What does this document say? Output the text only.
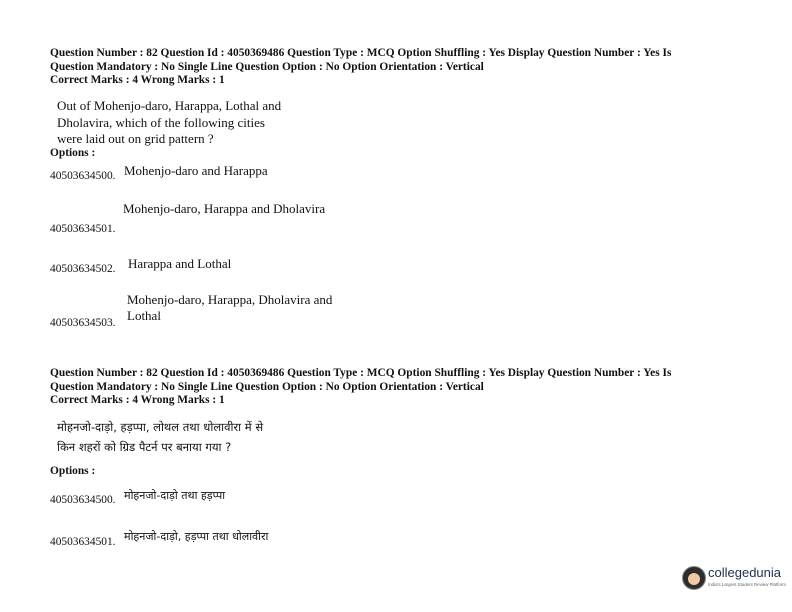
Question Number : 82 Question Id : 4050369486 Question Type : MCQ Option Shuffling : Yes Display Question Number : Yes Is
Question Mandatory : No Single Line Question Option : No Option Orientation : Vertical
Correct Marks : 4 Wrong Marks : 1
Out of Mohenjo-daro, Harappa, Lothal and
Dholavira, which of the following cities
were laid out on grid pattern ?
Options :
40503634500. Mohenjo-daro and Harappa
40503634501.
Mohenjo-daro, Harappa and Dholavira
40503634502. Harappa and Lothal
40503634503.
Mohenjo-daro, Harappa, Dholavira and Lothal
Question Number : 82 Question Id : 4050369486 Question Type : MCQ Option Shuffling : Yes Display Question Number : Yes Is
Question Mandatory : No Single Line Question Option : No Option Orientation : Vertical
Correct Marks : 4 Wrong Marks : 1
मोहनजो-दाड़ो, हड़प्पा, लोथल तथा धोलावीरा में से
किन शहरों को ग्रिड पैटर्न पर बनाया गया ?
Options :
40503634500. मोहनजो-दाड़ो तथा हड़प्पा
40503634501. मोहनजो-दाड़ो, हड़प्पा तथा धोलावीरा
collegedunia
India's Largest Student Review Platform
